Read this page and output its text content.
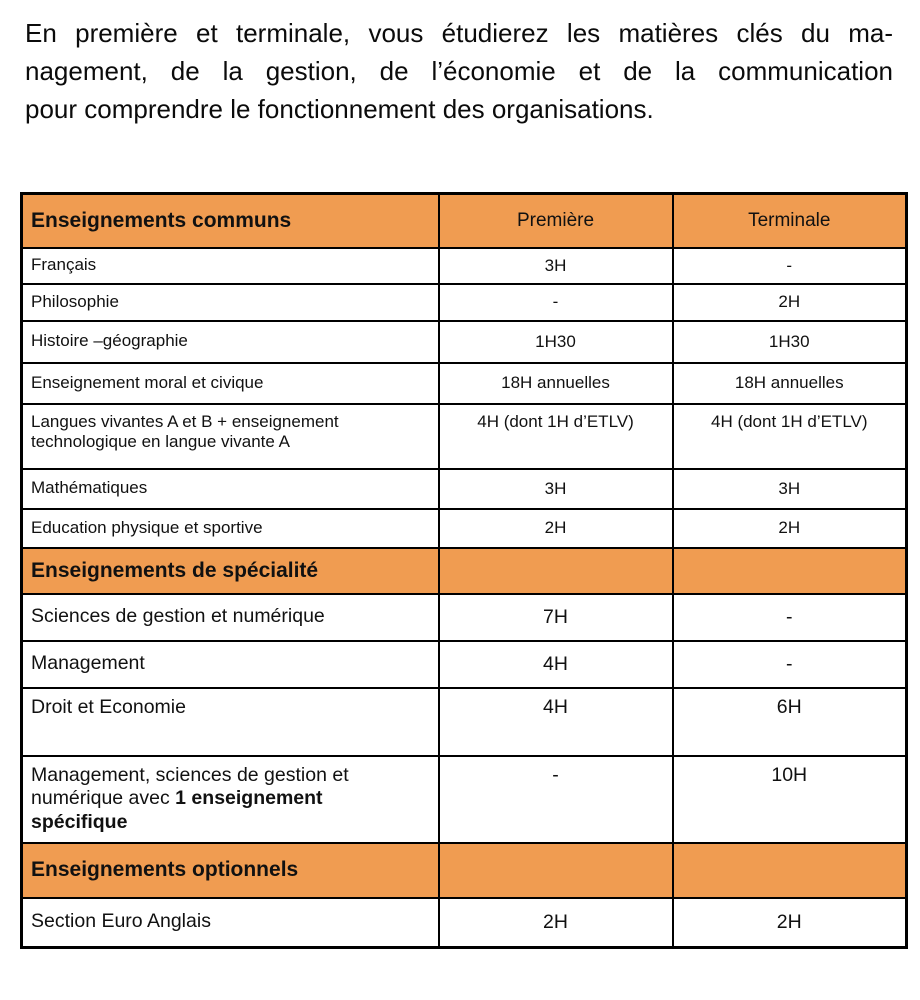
En première et terminale, vous étudierez les matières clés du ma-
nagement, de la gestion, de l’économie et de la communication
pour comprendre le fonctionnement des organisations.

Enseignements communs	Première	Terminale
Français	3H	-
Philosophie	-	2H
Histoire –géographie	1H30	1H30
Enseignement moral et civique	18H annuelles	18H annuelles
Langues vivantes A et B + enseignement technologique en langue vivante A	4H (dont 1H d’ETLV)	4H (dont 1H d’ETLV)
Mathématiques	3H	3H
Education physique et sportive	2H	2H
Enseignements de spécialité		
Sciences de gestion et numérique	7H	-
Management	4H	-
Droit et Economie	4H	6H
Management, sciences de gestion et numérique avec 1 enseignement spécifique	-	10H
Enseignements optionnels		
Section Euro Anglais	2H	2H
